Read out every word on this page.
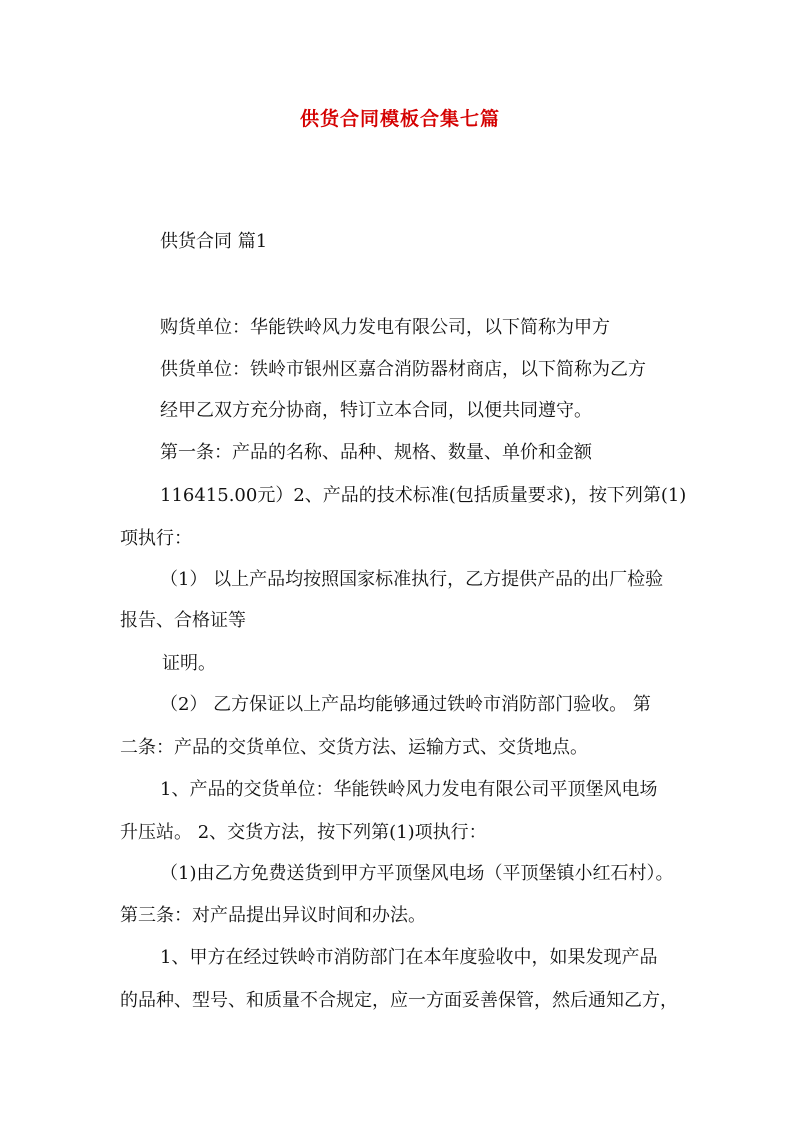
供货合同模板合集七篇
供货合同 篇1
购货单位：华能铁岭风力发电有限公司，以下简称为甲方
供货单位：铁岭市银州区嘉合消防器材商店，以下简称为乙方
经甲乙双方充分协商，特订立本合同，以便共同遵守。
第一条：产品的名称、品种、规格、数量、单价和金额
116415.00元）2、产品的技术标准(包括质量要求)，按下列第(1)
项执行：
（1） 以上产品均按照国家标准执行，乙方提供产品的出厂检验
报告、合格证等
证明。
（2） 乙方保证以上产品均能够通过铁岭市消防部门验收。 第
二条：产品的交货单位、交货方法、运输方式、交货地点。
1、产品的交货单位：华能铁岭风力发电有限公司平顶堡风电场
升压站。 2、交货方法，按下列第(1)项执行：
（1)由乙方免费送货到甲方平顶堡风电场（平顶堡镇小红石村）。
第三条：对产品提出异议时间和办法。
1、甲方在经过铁岭市消防部门在本年度验收中，如果发现产品
的品种、型号、和质量不合规定，应一方面妥善保管，然后通知乙方，
